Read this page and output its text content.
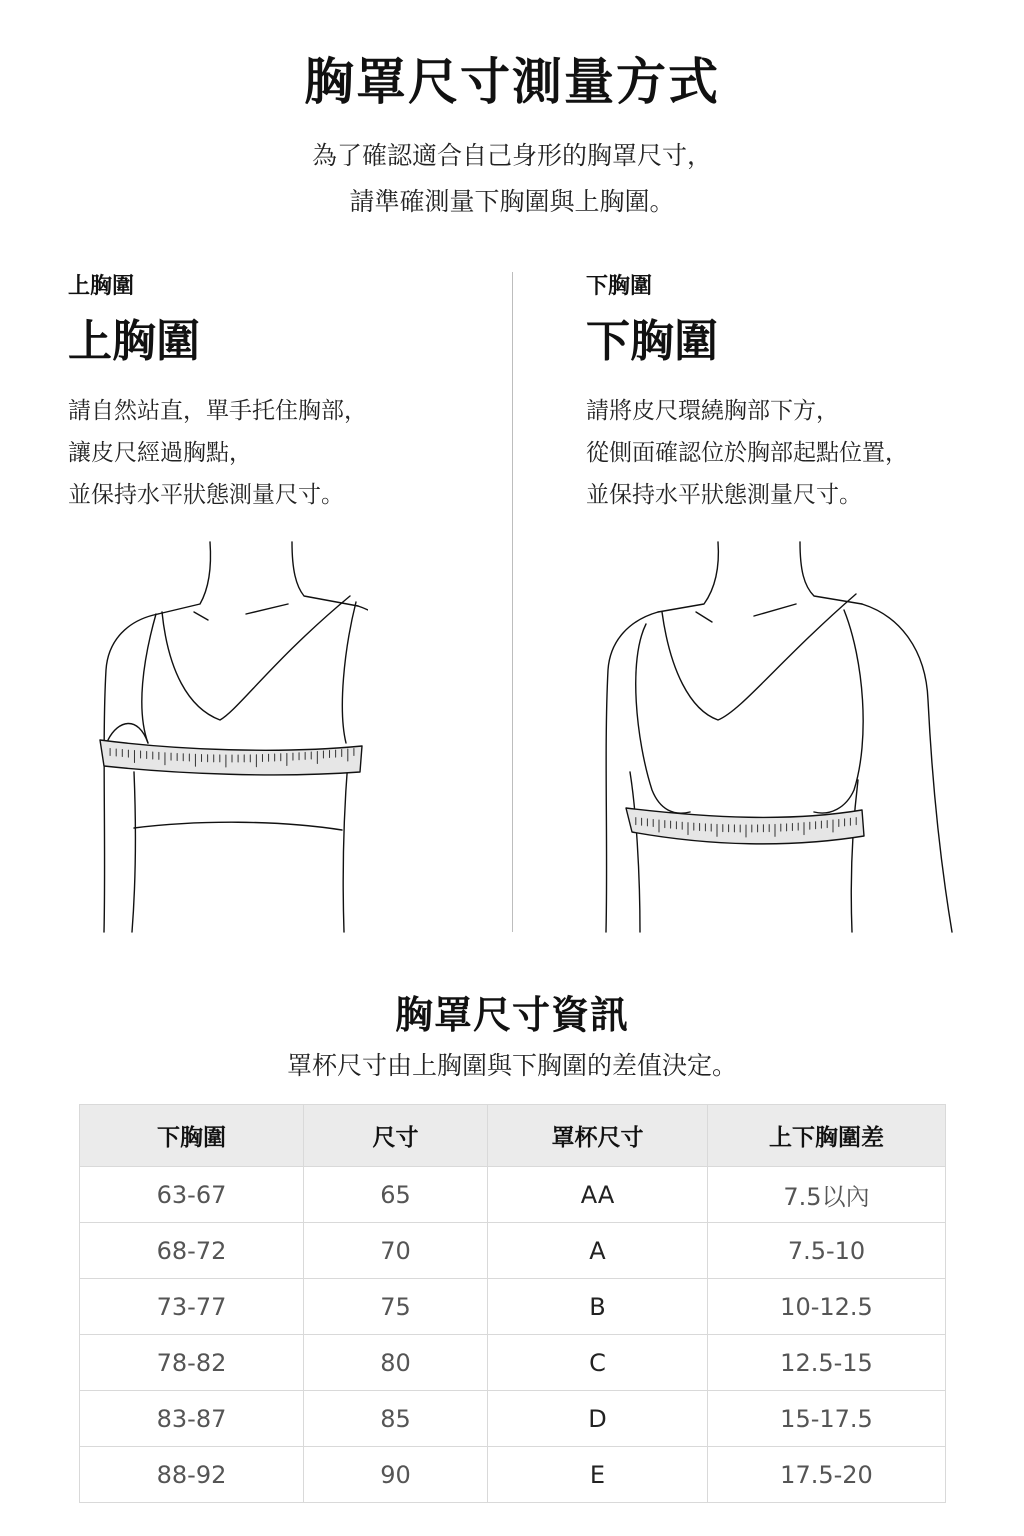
胸罩尺寸測量方式
為了確認適合自己身形的胸罩尺寸，
請準確測量下胸圍與上胸圍。
上胸圍
上胸圍
請自然站直，單手托住胸部，
讓皮尺經過胸點，
並保持水平狀態測量尺寸。
下胸圍
下胸圍
請將皮尺環繞胸部下方，
從側面確認位於胸部起點位置，
並保持水平狀態測量尺寸。
胸罩尺寸資訊
罩杯尺寸由上胸圍與下胸圍的差值決定。
下胸圍	尺寸	罩杯尺寸	上下胸圍差
63-67	65	AA	7.5以內
68-72	70	A	7.5-10
73-77	75	B	10-12.5
78-82	80	C	12.5-15
83-87	85	D	15-17.5
88-92	90	E	17.5-20
